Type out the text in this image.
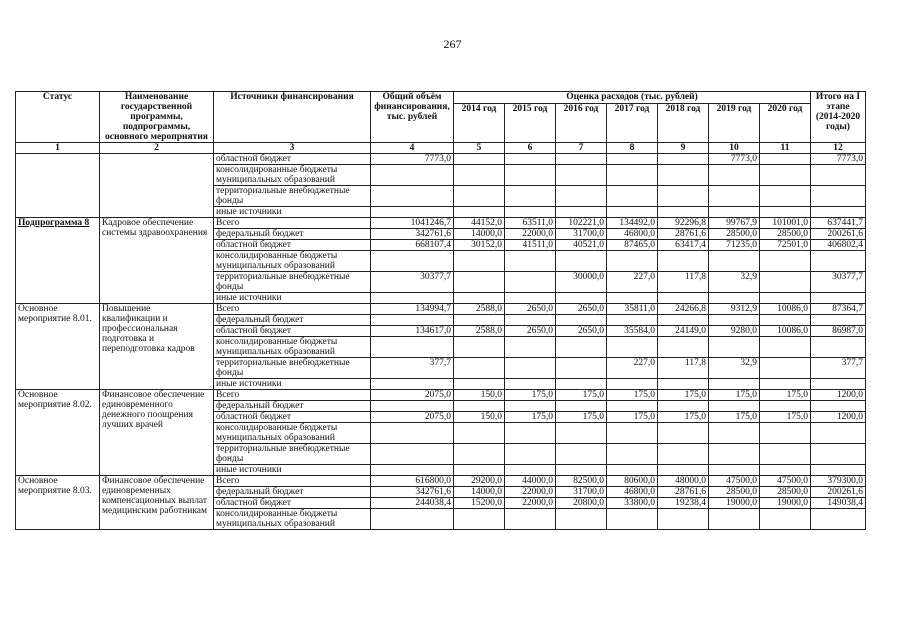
267
Статус	Наименование государственной программы, подпрограммы, основного мероприятия	Источники финансирования	Общий объём финансирования, тыс. рублей	Оценка расходов (тыс. рублей)							Итого на I этапе (2014-2020 годы)
				2014 год	2015 год	2016 год	2017 год	2018 год	2019 год	2020 год	
1	2	3	4	5	6	7	8	9	10	11	12
		областной бюджет	7773,0						7773,0		7773,0
		консолидированные бюджеты муниципальных образований									
		территориальные внебюджетные фонды									
		иные источники									
Подпрограмма 8	Кадровое обеспечение системы здравоохранения	Всего	1041246,7	44152,0	63511,0	102221,0	134492,0	92296,8	99767,9	101001,0	637441,7
		федеральный бюджет	342761,6	14000,0	22000,0	31700,0	46800,0	28761,6	28500,0	28500,0	200261,6
		областной бюджет	668107,4	30152,0	41511,0	40521,0	87465,0	63417,4	71235,0	72501,0	406802,4
		консолидированные бюджеты муниципальных образований									
		территориальные внебюджетные фонды	30377,7			30000,0	227,0	117,8	32,9		30377,7
		иные источники									
Основное мероприятие 8.01.	Повышение квалификации и профессиональная подготовка и переподготовка кадров	Всего	134994,7	2588,0	2650,0	2650,0	35811,0	24266,8	9312,9	10086,0	87364,7
		федеральный бюджет									
		областной бюджет	134617,0	2588,0	2650,0	2650,0	35584,0	24149,0	9280,0	10086,0	86987,0
		консолидированные бюджеты муниципальных образований									
		территориальные внебюджетные фонды	377,7				227,0	117,8	32,9		377,7
		иные источники									
Основное мероприятие 8.02.	Финансовое обеспечение единовременного денежного поощрения лучших врачей	Всего	2075,0	150,0	175,0	175,0	175,0	175,0	175,0	175,0	1200,0
		федеральный бюджет									
		областной бюджет	2075,0	150,0	175,0	175,0	175,0	175,0	175,0	175,0	1200,0
		консолидированные бюджеты муниципальных образований									
		территориальные внебюджетные фонды									
		иные источники									
Основное мероприятие 8.03.	Финансовое обеспечение единовременных компенсационных выплат медицинским работникам	Всего	616800,0	29200,0	44000,0	82500,0	80600,0	48000,0	47500,0	47500,0	379300,0
		федеральный бюджет	342761,6	14000,0	22000,0	31700,0	46800,0	28761,6	28500,0	28500,0	200261,6
		областной бюджет	244038,4	15200,0	22000,0	20800,0	33800,0	19238,4	19000,0	19000,0	149038,4
		консолидированные бюджеты муниципальных образований									
